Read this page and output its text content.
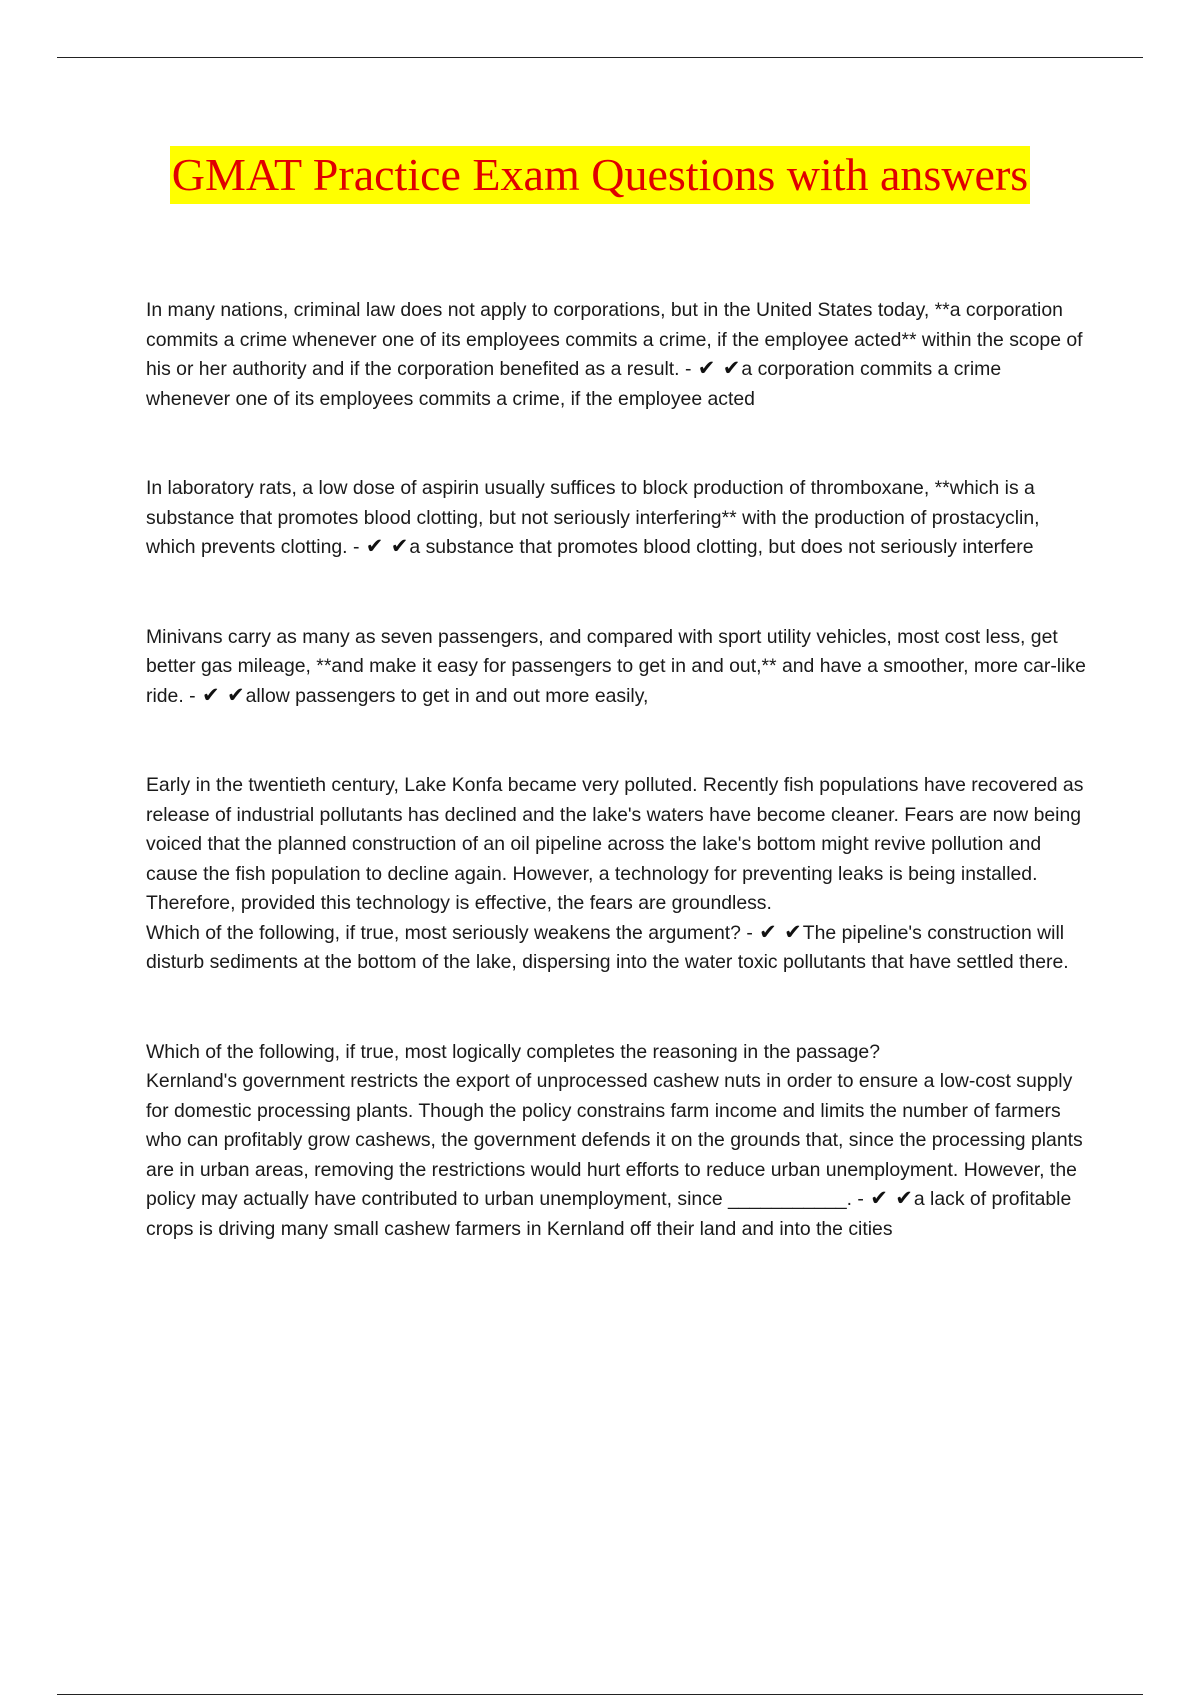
GMAT Practice Exam Questions with answers

In many nations, criminal law does not apply to corporations, but in the United States today, **a corporation commits a crime whenever one of its employees commits a crime, if the employee acted** within the scope of his or her authority and if the corporation benefited as a result. - ✔ ✔a corporation commits a crime whenever one of its employees commits a crime, if the employee acted

In laboratory rats, a low dose of aspirin usually suffices to block production of thromboxane, **which is a substance that promotes blood clotting, but not seriously interfering** with the production of prostacyclin, which prevents clotting. - ✔ ✔a substance that promotes blood clotting, but does not seriously interfere

Minivans carry as many as seven passengers, and compared with sport utility vehicles, most cost less, get better gas mileage, **and make it easy for passengers to get in and out,** and have a smoother, more car-like ride. - ✔ ✔allow passengers to get in and out more easily,

Early in the twentieth century, Lake Konfa became very polluted. Recently fish populations have recovered as release of industrial pollutants has declined and the lake's waters have become cleaner. Fears are now being voiced that the planned construction of an oil pipeline across the lake's bottom might revive pollution and cause the fish population to decline again. However, a technology for preventing leaks is being installed. Therefore, provided this technology is effective, the fears are groundless.

Which of the following, if true, most seriously weakens the argument? - ✔ ✔The pipeline's construction will disturb sediments at the bottom of the lake, dispersing into the water toxic pollutants that have settled there.

Which of the following, if true, most logically completes the reasoning in the passage?

Kernland's government restricts the export of unprocessed cashew nuts in order to ensure a low-cost supply for domestic processing plants. Though the policy constrains farm income and limits the number of farmers who can profitably grow cashews, the government defends it on the grounds that, since the processing plants are in urban areas, removing the restrictions would hurt efforts to reduce urban unemployment. However, the policy may actually have contributed to urban unemployment, since ___________. - ✔ ✔a lack of profitable crops is driving many small cashew farmers in Kernland off their land and into the cities
